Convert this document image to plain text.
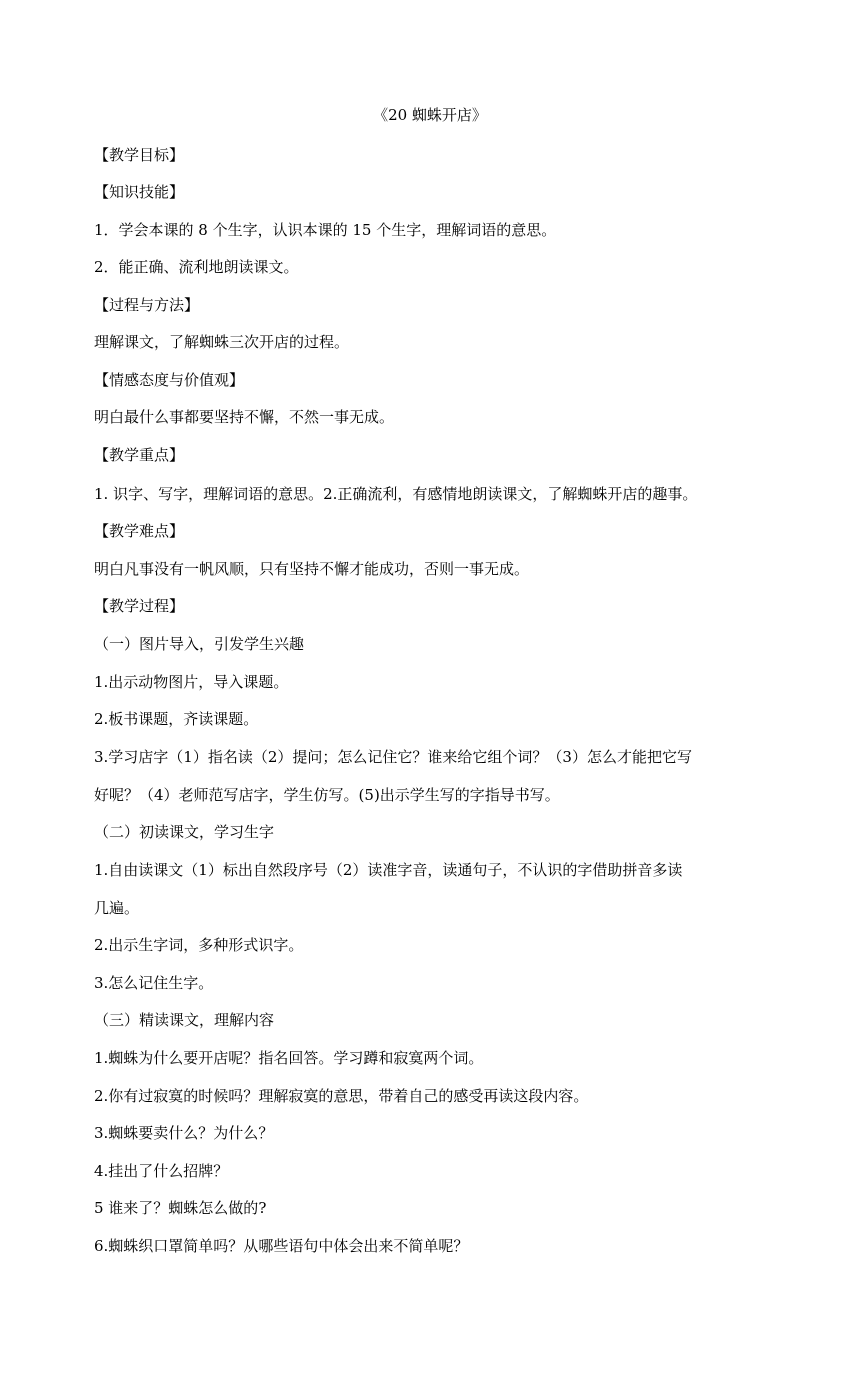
《20 蜘蛛开店》
【教学目标】
【知识技能】
1．学会本课的 8 个生字，认识本课的 15 个生字，理解词语的意思。
2．能正确、流利地朗读课文。
【过程与方法】
理解课文，了解蜘蛛三次开店的过程。
【情感态度与价值观】
明白最什么事都要坚持不懈，不然一事无成。
【教学重点】
1. 识字、写字，理解词语的意思。2.正确流利，有感情地朗读课文，了解蜘蛛开店的趣事。
【教学难点】
明白凡事没有一帆风顺，只有坚持不懈才能成功，否则一事无成。
【教学过程】
（一）图片导入，引发学生兴趣
1.出示动物图片，导入课题。
2.板书课题，齐读课题。
3.学习店字（1）指名读（2）提问；怎么记住它？谁来给它组个词？（3）怎么才能把它写
好呢？（4）老师范写店字，学生仿写。(5)出示学生写的字指导书写。
（二）初读课文，学习生字
1.自由读课文（1）标出自然段序号（2）读准字音，读通句子，不认识的字借助拼音多读
几遍。
2.出示生字词，多种形式识字。
3.怎么记住生字。
（三）精读课文，理解内容
1.蜘蛛为什么要开店呢？指名回答。学习蹲和寂寞两个词。
2.你有过寂寞的时候吗？理解寂寞的意思，带着自己的感受再读这段内容。
3.蜘蛛要卖什么？为什么？
4.挂出了什么招牌？
5 谁来了？蜘蛛怎么做的?
6.蜘蛛织口罩简单吗？从哪些语句中体会出来不简单呢？
